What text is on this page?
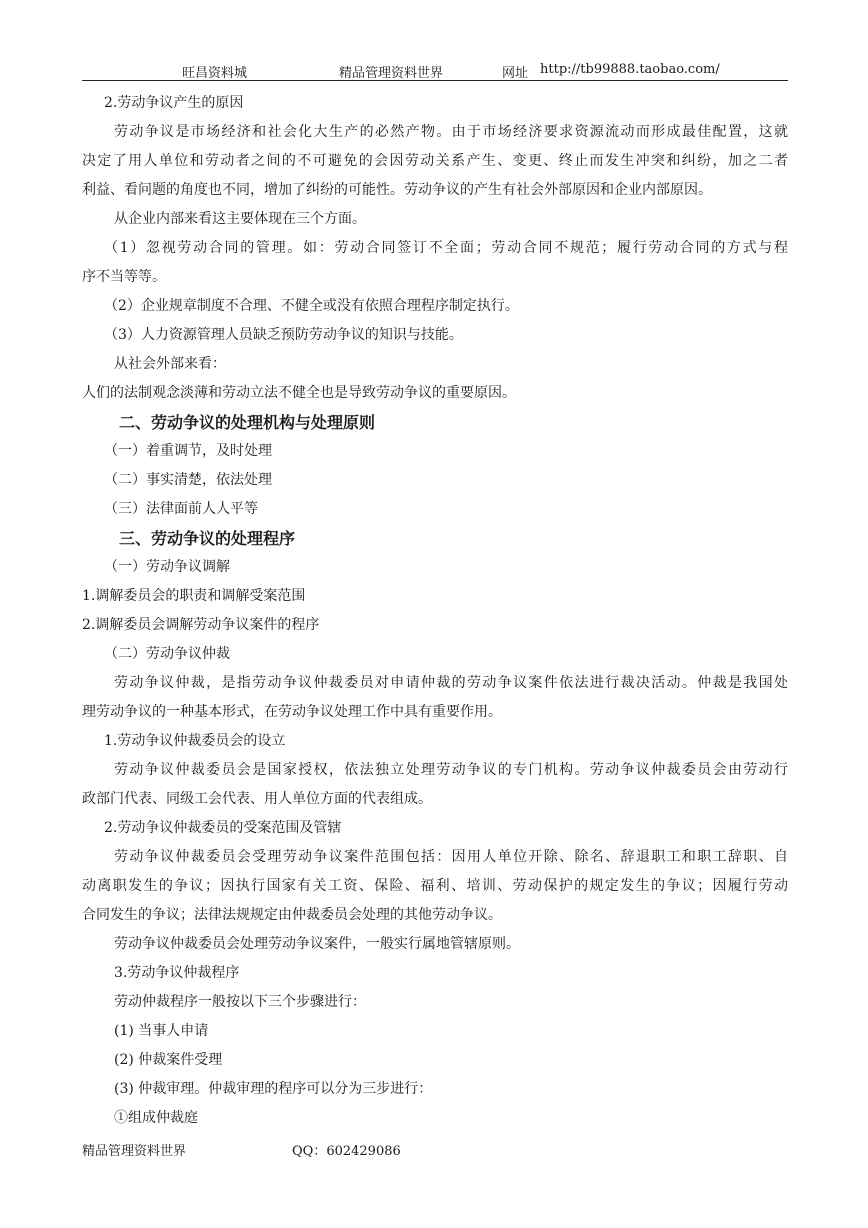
旺昌资料城	精品管理资料世界	网址 http://tb99888.taobao.com/
2.劳动争议产生的原因
劳动争议是市场经济和社会化大生产的必然产物。由于市场经济要求资源流动而形成最佳配置，这就
决定了用人单位和劳动者之间的不可避免的会因劳动关系产生、变更、终止而发生冲突和纠纷，加之二者
利益、看问题的角度也不同，增加了纠纷的可能性。劳动争议的产生有社会外部原因和企业内部原因。
从企业内部来看这主要体现在三个方面。
（1）忽视劳动合同的管理。如：劳动合同签订不全面；劳动合同不规范；履行劳动合同的方式与程
序不当等等。
（2）企业规章制度不合理、不健全或没有依照合理程序制定执行。
（3）人力资源管理人员缺乏预防劳动争议的知识与技能。
从社会外部来看：
人们的法制观念淡薄和劳动立法不健全也是导致劳动争议的重要原因。
二、劳动争议的处理机构与处理原则
（一）着重调节，及时处理
（二）事实清楚，依法处理
（三）法律面前人人平等
三、劳动争议的处理程序
（一）劳动争议调解
1.调解委员会的职责和调解受案范围
2.调解委员会调解劳动争议案件的程序
（二）劳动争议仲裁
劳动争议仲裁，是指劳动争议仲裁委员对申请仲裁的劳动争议案件依法进行裁决活动。仲裁是我国处
理劳动争议的一种基本形式，在劳动争议处理工作中具有重要作用。
1.劳动争议仲裁委员会的设立
劳动争议仲裁委员会是国家授权，依法独立处理劳动争议的专门机构。劳动争议仲裁委员会由劳动行
政部门代表、同级工会代表、用人单位方面的代表组成。
2.劳动争议仲裁委员的受案范围及管辖
劳动争议仲裁委员会受理劳动争议案件范围包括：因用人单位开除、除名、辞退职工和职工辞职、自
动离职发生的争议；因执行国家有关工资、保险、福利、培训、劳动保护的规定发生的争议；因履行劳动
合同发生的争议；法律法规规定由仲裁委员会处理的其他劳动争议。
劳动争议仲裁委员会处理劳动争议案件，一般实行属地管辖原则。
3.劳动争议仲裁程序
劳动仲裁程序一般按以下三个步骤进行：
(1) 当事人申请
(2) 仲裁案件受理
(3) 仲裁审理。仲裁审理的程序可以分为三步进行：
①组成仲裁庭
精品管理资料世界	QQ：602429086
